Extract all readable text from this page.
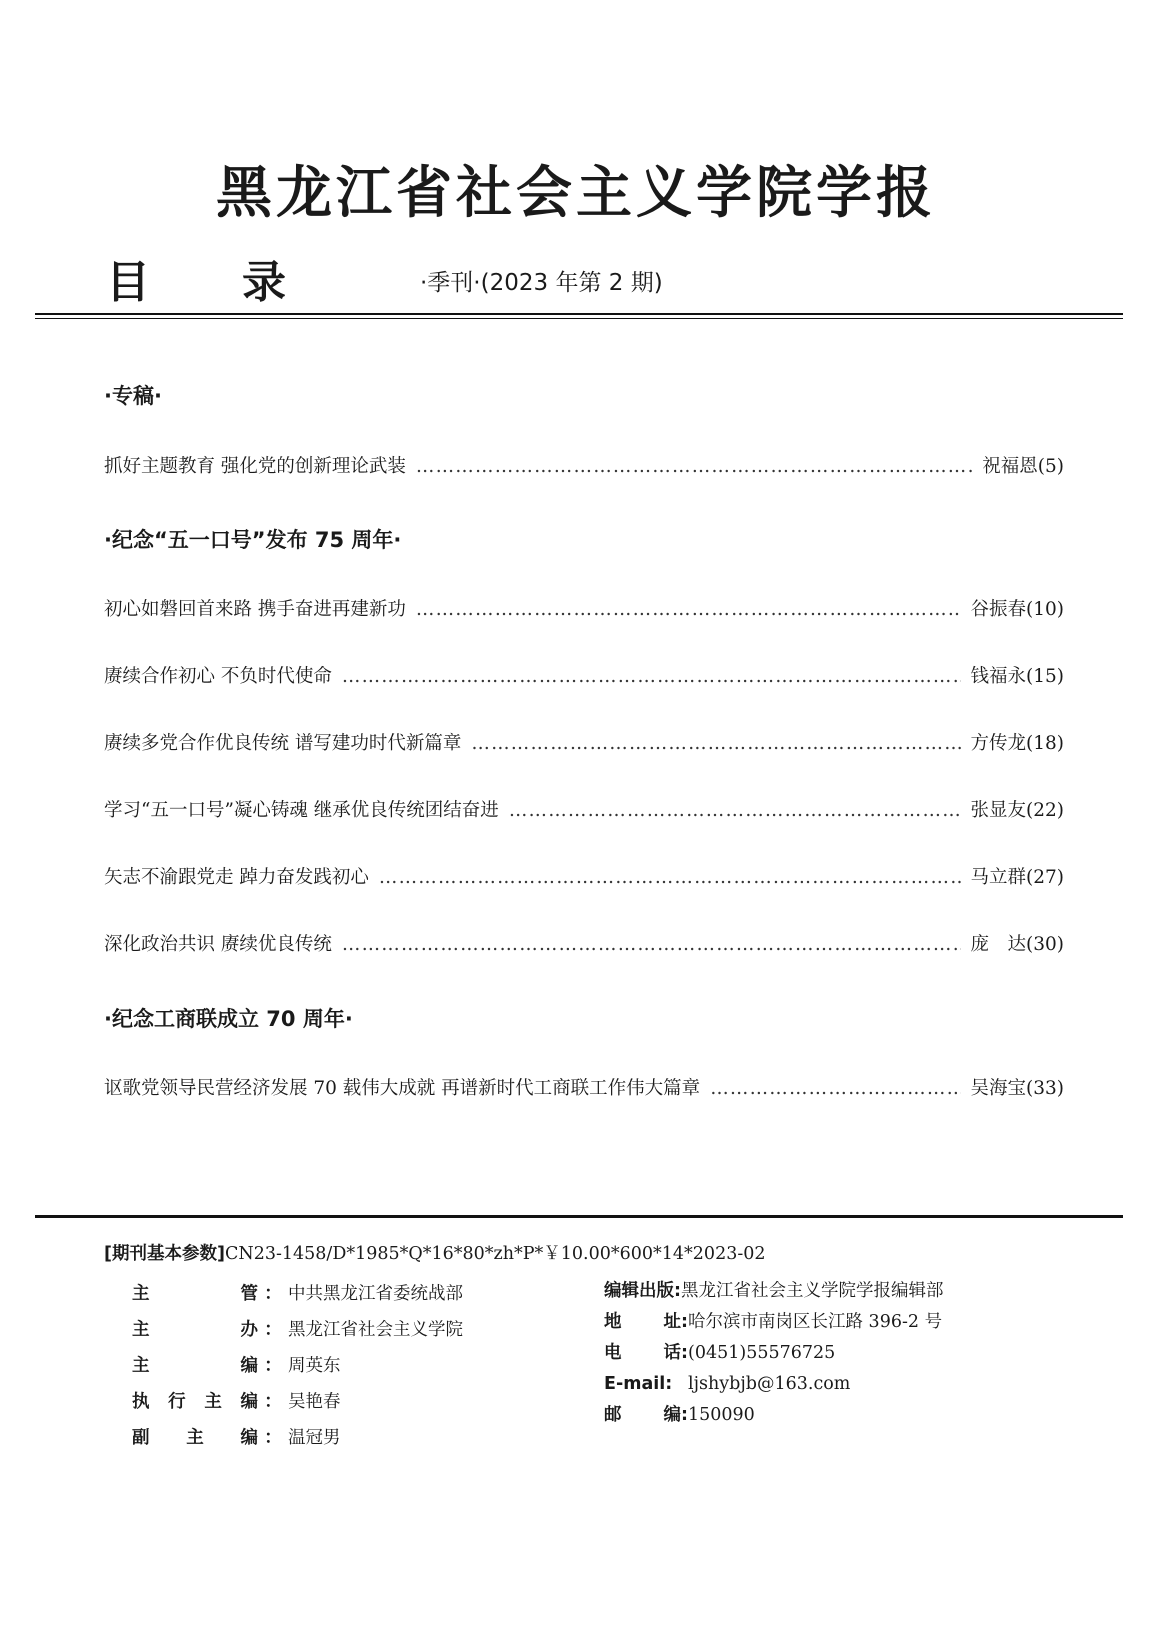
黑龙江省社会主义学院学报
目 录	·季刊·(2023 年第 2 期)
·专稿·
抓好主题教育 强化党的创新理论武装 ……………………………………………………………………………………………………………………………………………………………………………………	祝福恩(5)
·纪念“五一口号”发布 75 周年·
初心如磐回首来路 携手奋进再建新功 ……………………………………………………………………………………………………………………………………………………………………………………	谷振春(10)
赓续合作初心 不负时代使命 ……………………………………………………………………………………………………………………………………………………………………………………	钱福永(15)
赓续多党合作优良传统 谱写建功时代新篇章 ……………………………………………………………………………………………………………………………………………………………………………………	方传龙(18)
学习“五一口号”凝心铸魂 继承优良传统团结奋进 ……………………………………………………………………………………………………………………………………………………………………………………	张显友(22)
矢志不渝跟党走 踔力奋发践初心 ……………………………………………………………………………………………………………………………………………………………………………………	马立群(27)
深化政治共识 赓续优良传统 ……………………………………………………………………………………………………………………………………………………………………………………	庞　达(30)
·纪念工商联成立 70 周年·
讴歌党领导民营经济发展 70 载伟大成就 再谱新时代工商联工作伟大篇章 ……………………………………………………………………………………………………………………………………………………………………………………	吴海宝(33)
[期刊基本参数]CN23-1458/D*1985*Q*16*80*zh*P*￥10.00*600*14*2023-02
主	管 ： 中共黑龙江省委统战部
主	办 ： 黑龙江省社会主义学院
主	编 ： 周英东
执 行 主 编 ： 吴艳春
副 主 编 ： 温冠男
编辑出版: 黑龙江省社会主义学院学报编辑部
地 址: 哈尔滨市南岗区长江路 396-2 号
电 话: (0451)55576725
E-mail: ljshybjb@163.com
邮 编: 150090
